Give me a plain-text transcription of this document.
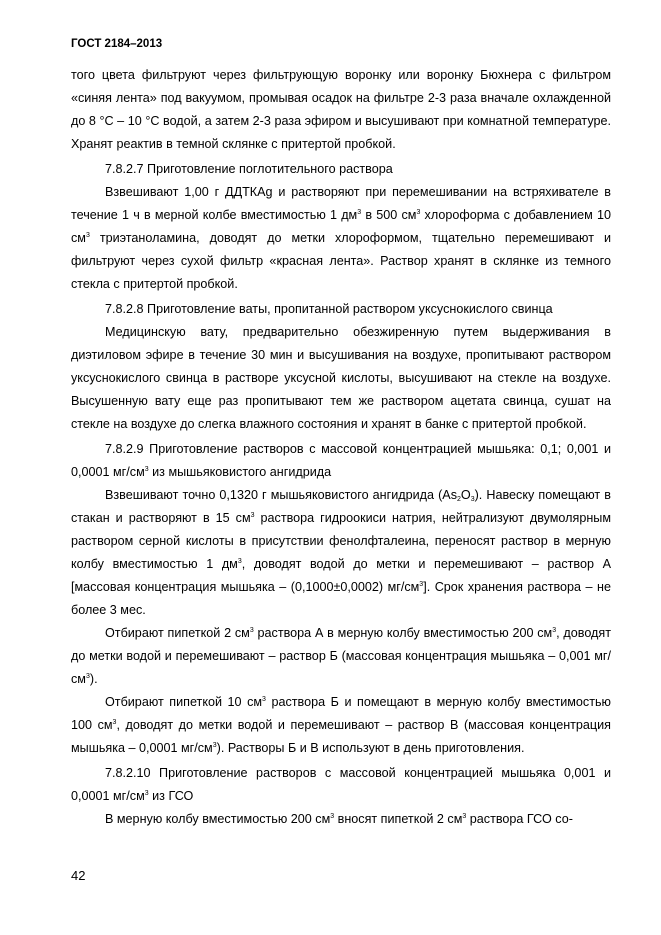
ГОСТ 2184–2013

того цвета фильтруют через фильтрующую воронку или воронку Бюхнера с фильтром «синяя лента» под вакуумом, промывая осадок на фильтре 2-3 раза вначале охлажденной до 8 °С – 10 °С водой, а затем 2-3 раза эфиром и высушивают при комнатной температуре. Хранят реактив в темной склянке с притертой пробкой.

7.8.2.7 Приготовление поглотительного раствора

Взвешивают 1,00 г ДДТКАg и растворяют при перемешивании на встряхивателе в течение 1 ч в мерной колбе вместимостью 1 $дм^3$ в 500 $см^3$ хлороформа с добавлением 10 $см^3$ триэтаноламина, доводят до метки хлороформом, тщательно перемешивают и фильтруют через сухой фильтр «красная лента». Раствор хранят в склянке из темного стекла с притертой пробкой.

7.8.2.8 Приготовление ваты, пропитанной раствором уксуснокислого свинца

Медицинскую вату, предварительно обезжиренную путем выдерживания в диэтиловом эфире в течение 30 мин и высушивания на воздухе, пропитывают раствором уксуснокислого свинца в растворе уксусной кислоты, высушивают на стекле на воздухе. Высушенную вату еще раз пропитывают тем же раствором ацетата свинца, сушат на стекле на воздухе до слегка влажного состояния и хранят в банке с притертой пробкой.

7.8.2.9 Приготовление растворов с массовой концентрацией мышьяка: 0,1; 0,001 и 0,0001 $мг/см^3$ из мышьяковистого ангидрида

Взвешивают точно 0,1320 г мышьяковистого ангидрида $(As_2O_3)$. Навеску помещают в стакан и растворяют в 15 $см^3$ раствора гидроокиси натрия, нейтрализуют двумолярным раствором серной кислоты в присутствии фенолфталеина, переносят раствор в мерную колбу вместимостью 1 $дм^3$, доводят водой до метки и перемешивают – раствор А [массовая концентрация мышьяка – (0,1000±0,0002) $мг/см^3$]. Срок хранения раствора – не более 3 мес.

Отбирают пипеткой 2 $см^3$ раствора А в мерную колбу вместимостью 200 $см^3$, доводят до метки водой и перемешивают – раствор Б (массовая концентрация мышьяка – 0,001 $мг/см^3$).

Отбирают пипеткой 10 $см^3$ раствора Б и помещают в мерную колбу вместимостью 100 $см^3$, доводят до метки водой и перемешивают – раствор В (массовая концентрация мышьяка – 0,0001 $мг/см^3$). Растворы Б и В используют в день приготовления.

7.8.2.10 Приготовление растворов с массовой концентрацией мышьяка 0,001 и 0,0001 $мг/см^3$ из ГСО

В мерную колбу вместимостью 200 $см^3$ вносят пипеткой 2 $см^3$ раствора ГСО со-

42
